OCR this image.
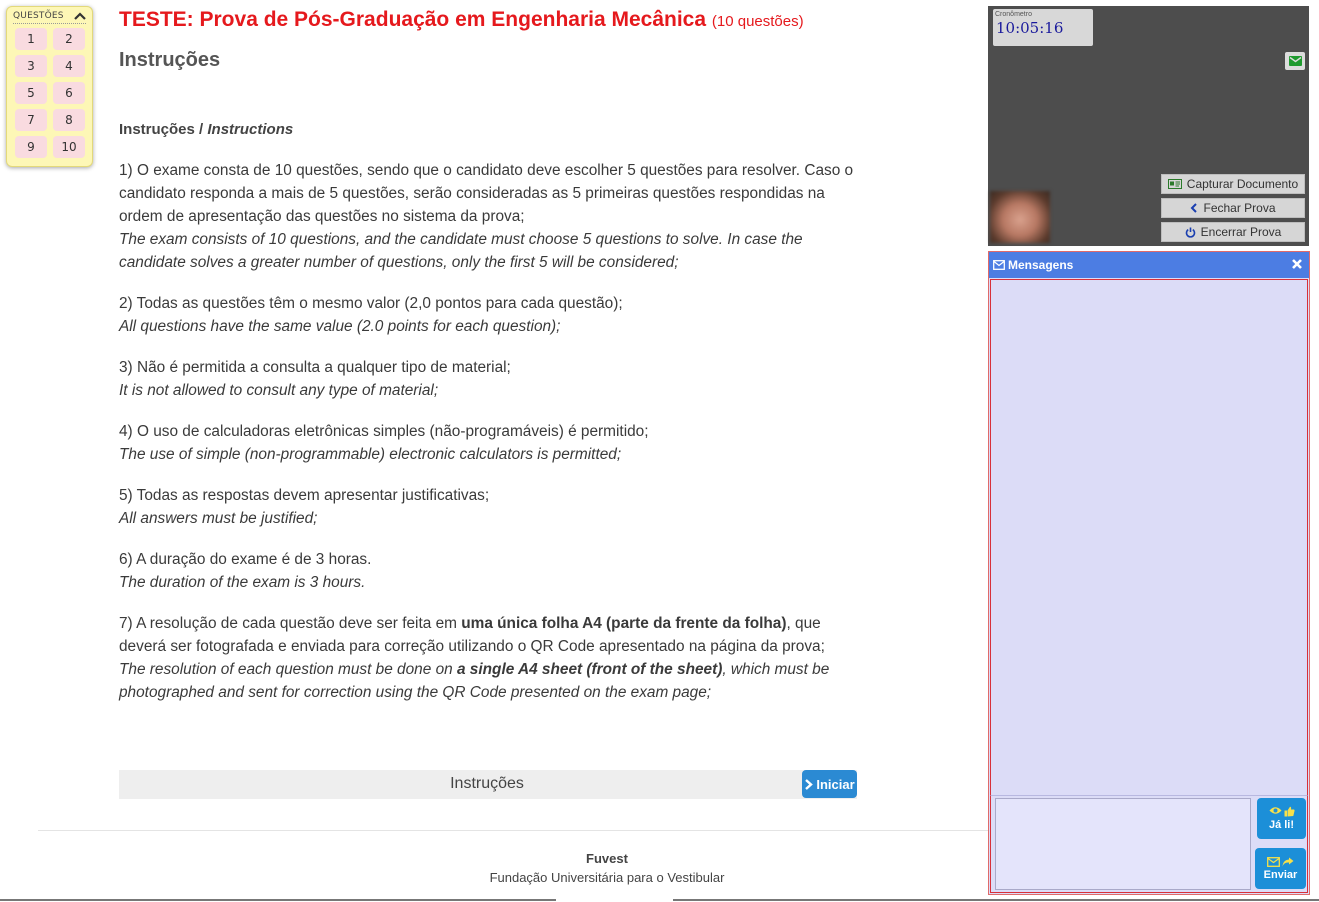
QUESTÕES
1	2
3	4
5	6
7	8
9	10
TESTE: Prova de Pós-Graduação em Engenharia Mecânica (10 questões)
Instruções
Instruções / Instructions
1) O exame consta de 10 questões, sendo que o candidato deve escolher 5 questões para resolver. Caso o candidato responda a mais de 5 questões, serão consideradas as 5 primeiras questões respondidas na ordem de apresentação das questões no sistema da prova;
The exam consists of 10 questions, and the candidate must choose 5 questions to solve. In case the candidate solves a greater number of questions, only the first 5 will be considered;
2) Todas as questões têm o mesmo valor (2,0 pontos para cada questão);
All questions have the same value (2.0 points for each question);
3) Não é permitida a consulta a qualquer tipo de material;
It is not allowed to consult any type of material;
4) O uso de calculadoras eletrônicas simples (não-programáveis) é permitido;
The use of simple (non-programmable) electronic calculators is permitted;
5) Todas as respostas devem apresentar justificativas;
All answers must be justified;
6) A duração do exame é de 3 horas.
The duration of the exam is 3 hours.
7) A resolução de cada questão deve ser feita em uma única folha A4 (parte da frente da folha), que deverá ser fotografada e enviada para correção utilizando o QR Code apresentado na página da prova;
The resolution of each question must be done on a single A4 sheet (front of the sheet), which must be photographed and sent for correction using the QR Code presented on the exam page;
Instruções	Iniciar
Fuvest
Fundação Universitária para o Vestibular
Cronômetro
10:05:16
Capturar Documento
Fechar Prova
Encerrar Prova
Mensagens
Já li!
Enviar
